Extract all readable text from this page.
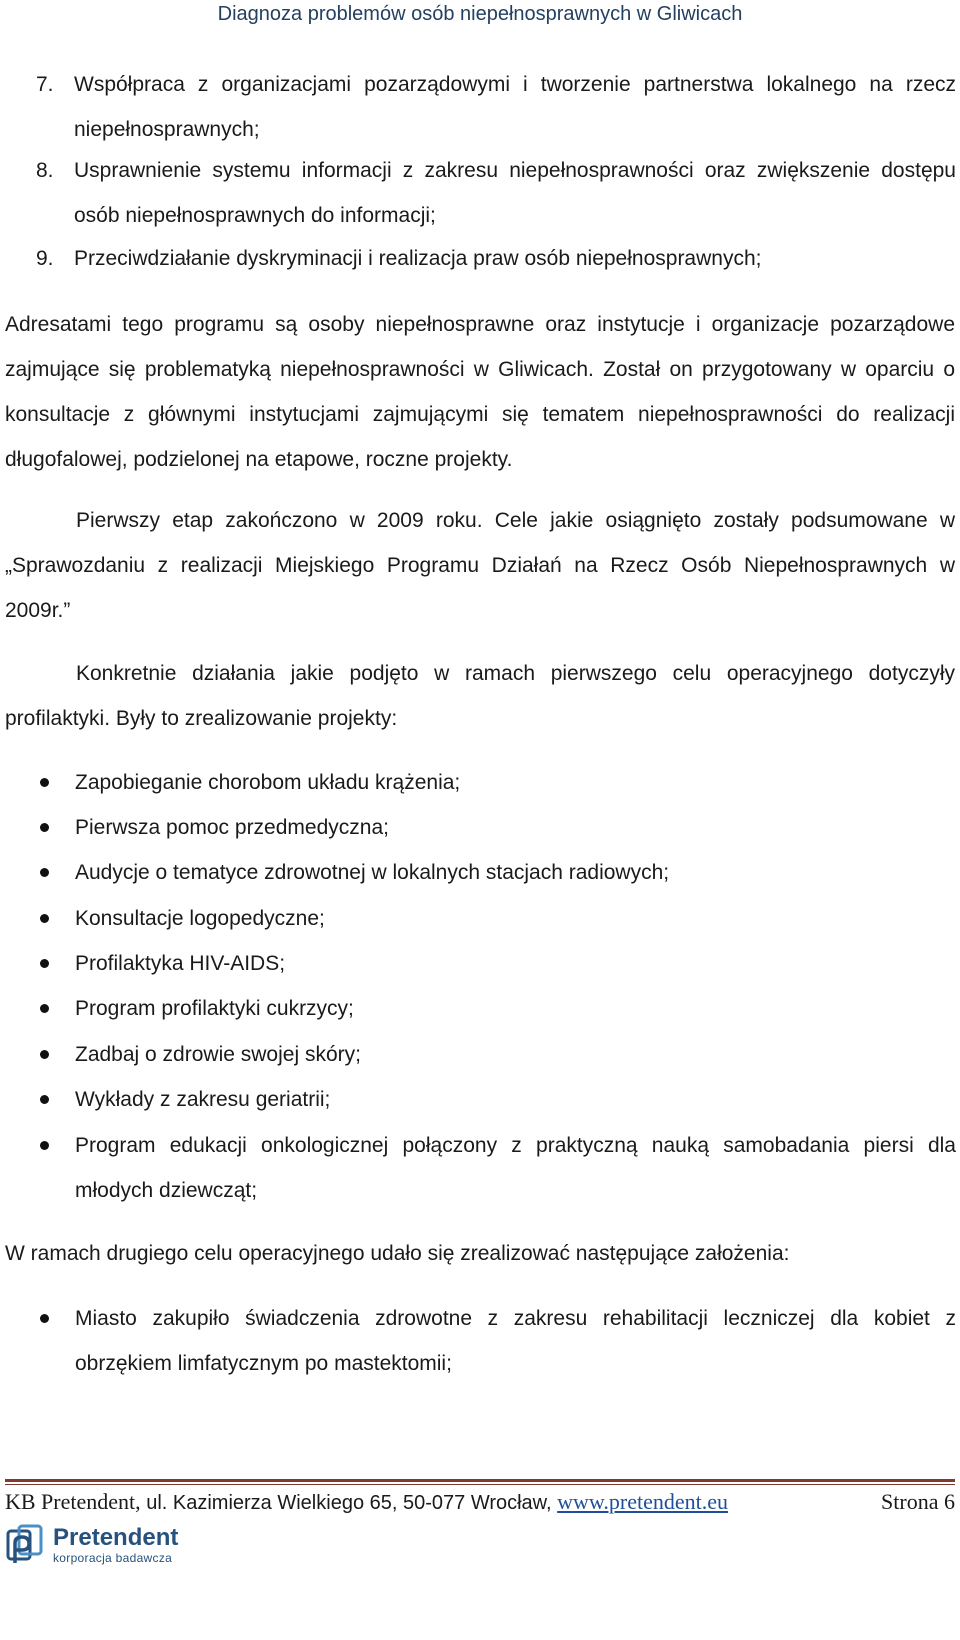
Diagnoza problemów osób niepełnosprawnych w Gliwicach
7. Współpraca z organizacjami pozarządowymi i tworzenie partnerstwa lokalnego na rzecz niepełnosprawnych;
8. Usprawnienie systemu informacji z zakresu niepełnosprawności oraz zwiększenie dostępu osób niepełnosprawnych do informacji;
9. Przeciwdziałanie dyskryminacji i realizacja praw osób niepełnosprawnych;
Adresatami tego programu są osoby niepełnosprawne oraz instytucje i organizacje pozarządowe zajmujące się problematyką niepełnosprawności w Gliwicach. Został on przygotowany w oparciu o konsultacje z głównymi instytucjami zajmującymi się tematem niepełnosprawności do realizacji długofalowej, podzielonej na etapowe, roczne projekty.
Pierwszy etap zakończono w 2009 roku. Cele jakie osiągnięto zostały podsumowane w „Sprawozdaniu z realizacji Miejskiego Programu Działań na Rzecz Osób Niepełnosprawnych w 2009r.”
Konkretnie działania jakie podjęto w ramach pierwszego celu operacyjnego dotyczyły profilaktyki. Były to zrealizowanie projekty:
Zapobieganie chorobom układu krążenia;
Pierwsza pomoc przedmedyczna;
Audycje o tematyce zdrowotnej w lokalnych stacjach radiowych;
Konsultacje logopedyczne;
Profilaktyka HIV-AIDS;
Program profilaktyki cukrzycy;
Zadbaj o zdrowie swojej skóry;
Wykłady z zakresu geriatrii;
Program edukacji onkologicznej połączony z praktyczną nauką samobadania piersi dla młodych dziewcząt;
W ramach drugiego celu operacyjnego udało się zrealizować następujące założenia:
Miasto zakupiło świadczenia zdrowotne z zakresu rehabilitacji leczniczej dla kobiet z obrzękiem limfatycznym po mastektomii;
KB Pretendent, ul. Kazimierza Wielkiego 65, 50-077 Wrocław, www.pretendent.eu	Strona 6
Pretendent
korporacja badawcza
